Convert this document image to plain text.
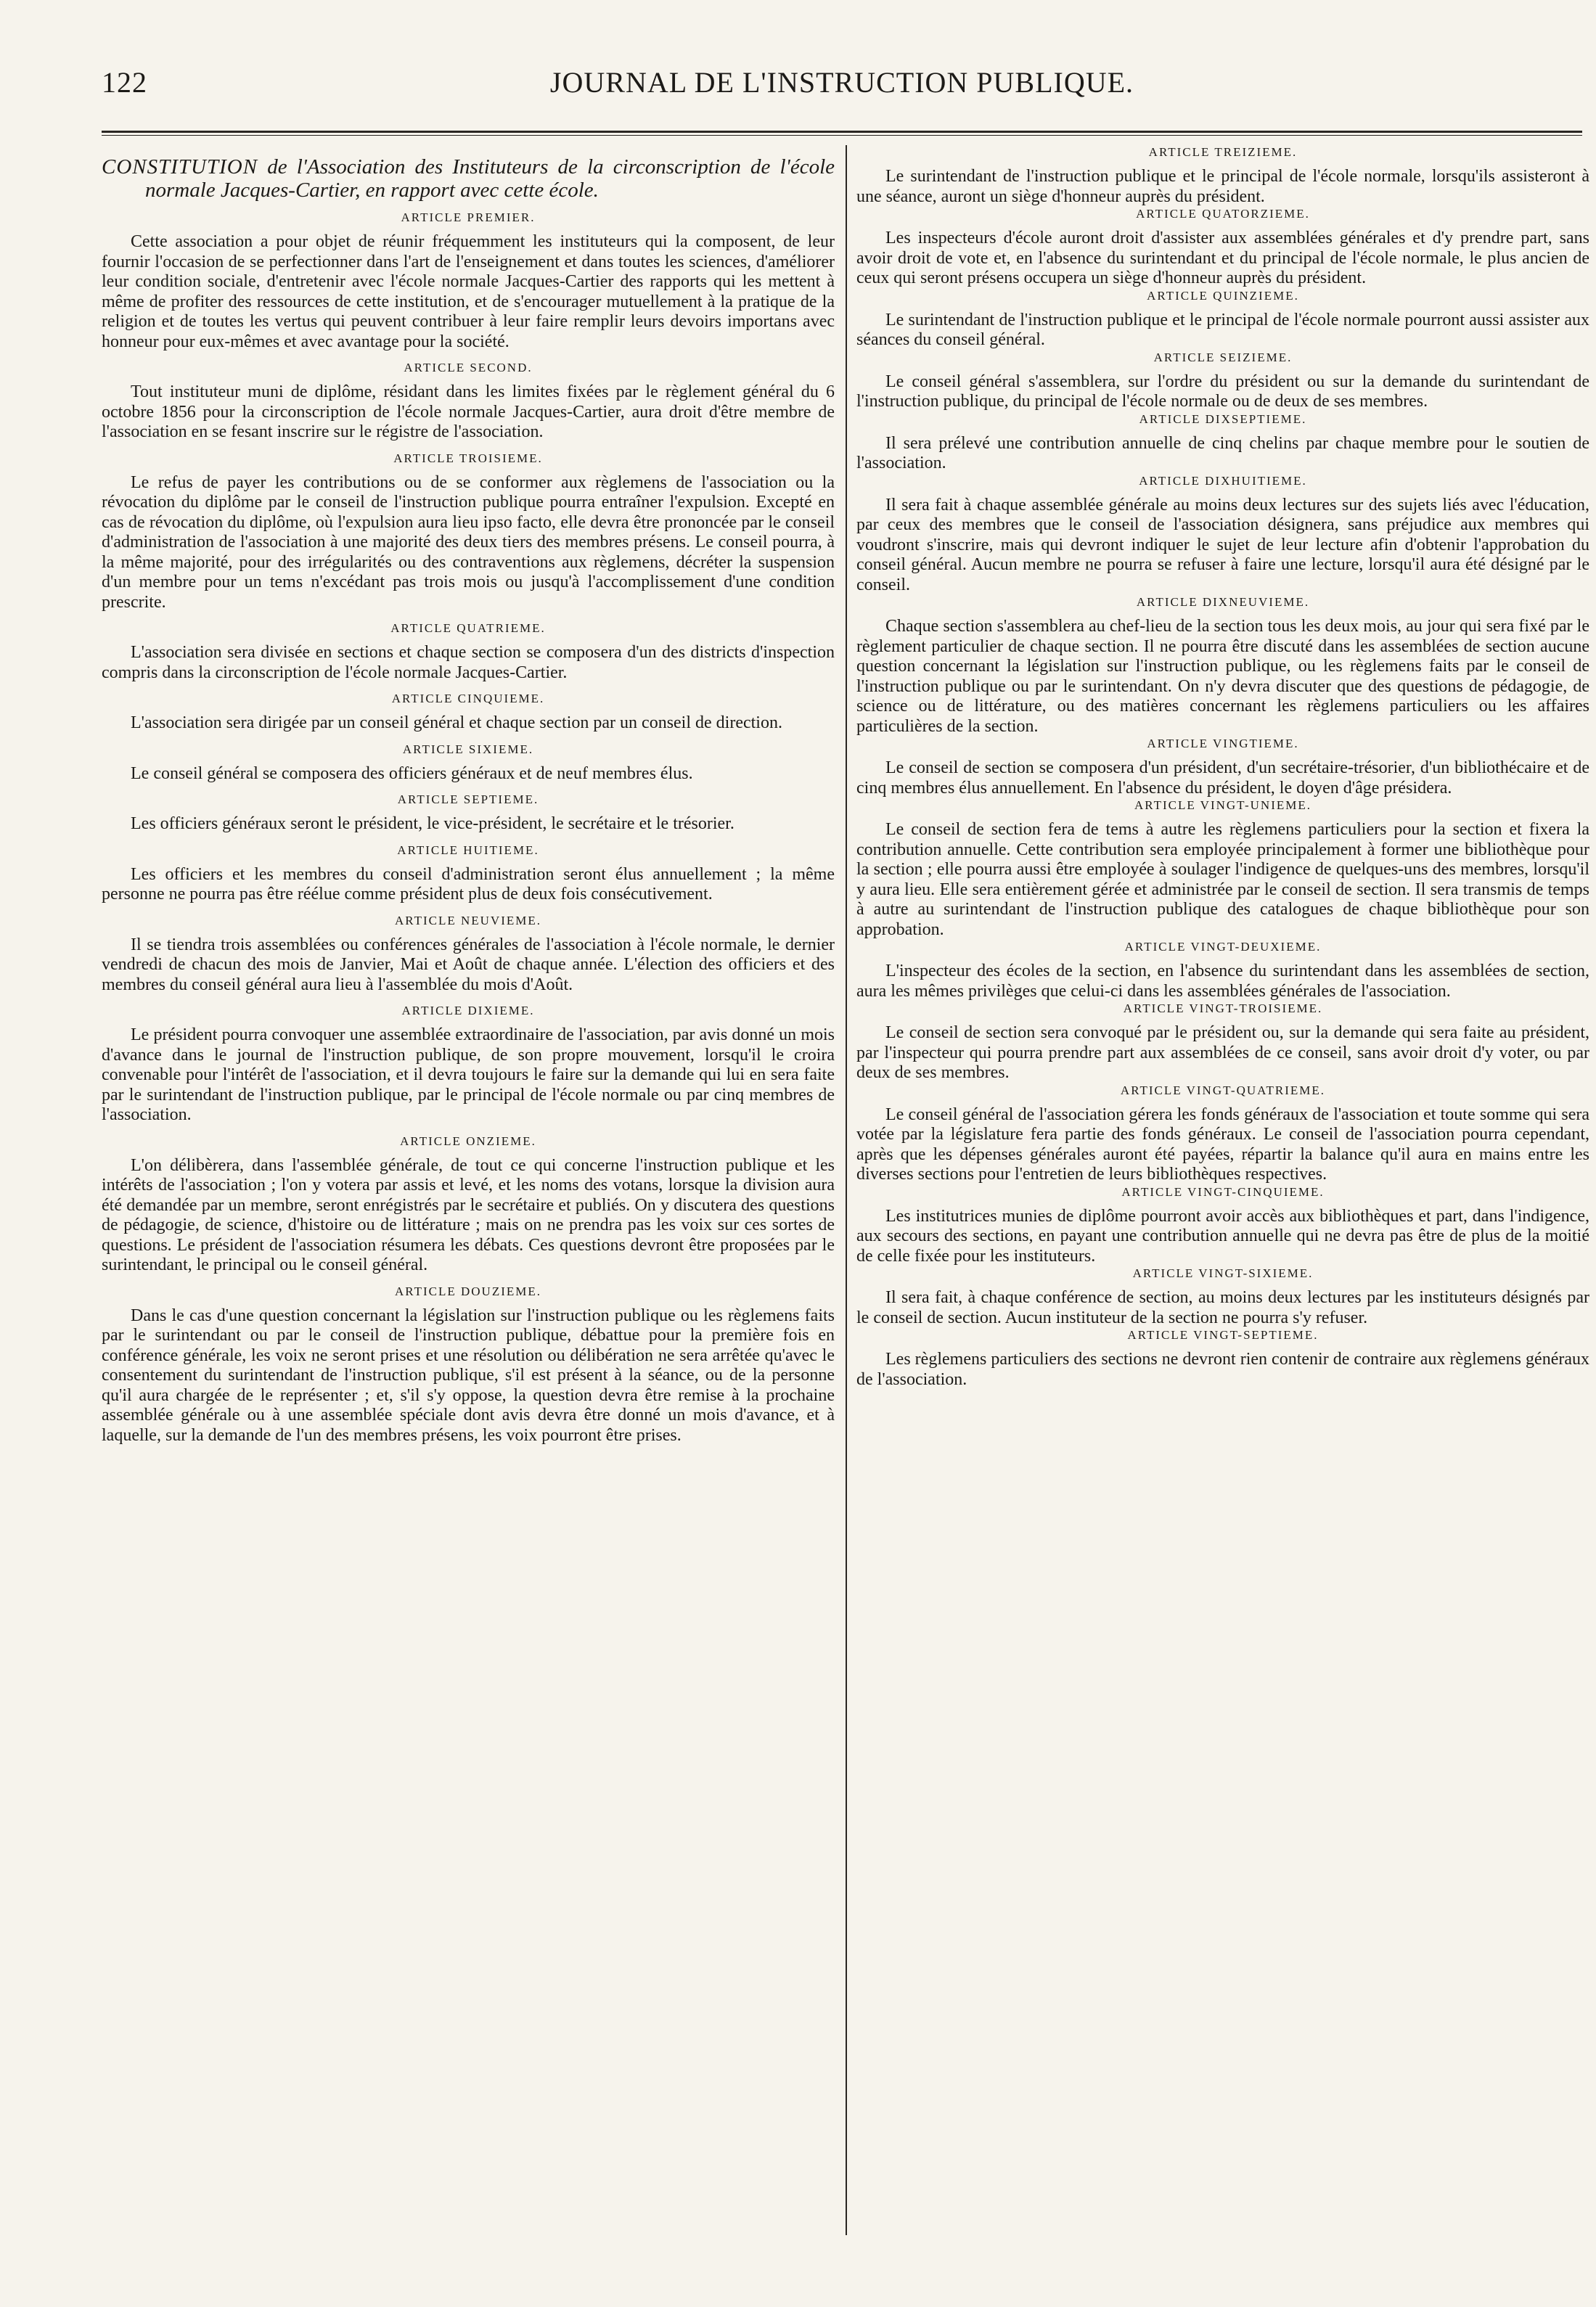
122	JOURNAL DE L'INSTRUCTION PUBLIQUE.
CONSTITUTION de l'Association des Instituteurs de la circonscription de l'école normale Jacques-Cartier, en rapport avec cette école.
ARTICLE PREMIER.

Cette association a pour objet de réunir fréquemment les instituteurs qui la composent, de leur fournir l'occasion de se perfectionner dans l'art de l'enseignement et dans toutes les sciences, d'améliorer leur condition sociale, d'entretenir avec l'école normale Jacques-Cartier des rapports qui les mettent à même de profiter des ressources de cette institution, et de s'encourager mutuellement à la pratique de la religion et de toutes les vertus qui peuvent contribuer à leur faire remplir leurs devoirs importans avec honneur pour eux-mêmes et avec avantage pour la société.

ARTICLE SECOND.

Tout instituteur muni de diplôme, résidant dans les limites fixées par le règlement général du 6 octobre 1856 pour la circonscription de l'école normale Jacques-Cartier, aura droit d'être membre de l'association en se fesant inscrire sur le régistre de l'association.

ARTICLE TROISIEME.

Le refus de payer les contributions ou de se conformer aux règlemens de l'association ou la révocation du diplôme par le conseil de l'instruction publique pourra entraîner l'expulsion. Excepté en cas de révocation du diplôme, où l'expulsion aura lieu ipso facto, elle devra être prononcée par le conseil d'administration de l'association à une majorité des deux tiers des membres présens. Le conseil pourra, à la même majorité, pour des irrégularités ou des contraventions aux règlemens, décréter la suspension d'un membre pour un tems n'excédant pas trois mois ou jusqu'à l'accomplissement d'une condition prescrite.

ARTICLE QUATRIEME.

L'association sera divisée en sections et chaque section se composera d'un des districts d'inspection compris dans la circonscription de l'école normale Jacques-Cartier.

ARTICLE CINQUIEME.

L'association sera dirigée par un conseil général et chaque section par un conseil de direction.

ARTICLE SIXIEME.

Le conseil général se composera des officiers généraux et de neuf membres élus.

ARTICLE SEPTIEME.

Les officiers généraux seront le président, le vice-président, le secrétaire et le trésorier.

ARTICLE HUITIEME.

Les officiers et les membres du conseil d'administration seront élus annuellement ; la même personne ne pourra pas être réélue comme président plus de deux fois consécutivement.

ARTICLE NEUVIEME.

Il se tiendra trois assemblées ou conférences générales de l'association à l'école normale, le dernier vendredi de chacun des mois de Janvier, Mai et Août de chaque année. L'élection des officiers et des membres du conseil général aura lieu à l'assemblée du mois d'Août.

ARTICLE DIXIEME.

Le président pourra convoquer une assemblée extraordinaire de l'association, par avis donné un mois d'avance dans le journal de l'instruction publique, de son propre mouvement, lorsqu'il le croira convenable pour l'intérêt de l'association, et il devra toujours le faire sur la demande qui lui en sera faite par le surintendant de l'instruction publique, par le principal de l'école normale ou par cinq membres de l'association.

ARTICLE ONZIEME.

L'on délibèrera, dans l'assemblée générale, de tout ce qui concerne l'instruction publique et les intérêts de l'association ; l'on y votera par assis et levé, et les noms des votans, lorsque la division aura été demandée par un membre, seront enrégistrés par le secrétaire et publiés. On y discutera des questions de pédagogie, de science, d'histoire ou de littérature ; mais on ne prendra pas les voix sur ces sortes de questions. Le président de l'association résumera les débats. Ces questions devront être proposées par le surintendant, le principal ou le conseil général.

ARTICLE DOUZIEME.

Dans le cas d'une question concernant la législation sur l'instruction publique ou les règlemens faits par le surintendant ou par le conseil de l'instruction publique, débattue pour la première fois en conférence générale, les voix ne seront prises et une résolution ou délibération ne sera arrêtée qu'avec le consentement du surintendant de l'instruction publique, s'il est présent à la séance, ou de la personne qu'il aura chargée de le représenter ; et, s'il s'y oppose, la question devra être remise à la prochaine assemblée générale ou à une assemblée spéciale dont avis devra être donné un mois d'avance, et à laquelle, sur la demande de l'un des membres présens, les voix pourront être prises.

ARTICLE TREIZIEME.

Le surintendant de l'instruction publique et le principal de l'école normale, lorsqu'ils assisteront à une séance, auront un siège d'honneur auprès du président.

ARTICLE QUATORZIEME.

Les inspecteurs d'école auront droit d'assister aux assemblées générales et d'y prendre part, sans avoir droit de vote et, en l'absence du surintendant et du principal de l'école normale, le plus ancien de ceux qui seront présens occupera un siège d'honneur auprès du président.

ARTICLE QUINZIEME.

Le surintendant de l'instruction publique et le principal de l'école normale pourront aussi assister aux séances du conseil général.

ARTICLE SEIZIEME.

Le conseil général s'assemblera, sur l'ordre du président ou sur la demande du surintendant de l'instruction publique, du principal de l'école normale ou de deux de ses membres.

ARTICLE DIXSEPTIEME.

Il sera prélevé une contribution annuelle de cinq chelins par chaque membre pour le soutien de l'association.

ARTICLE DIXHUITIEME.

Il sera fait à chaque assemblée générale au moins deux lectures sur des sujets liés avec l'éducation, par ceux des membres que le conseil de l'association désignera, sans préjudice aux membres qui voudront s'inscrire, mais qui devront indiquer le sujet de leur lecture afin d'obtenir l'approbation du conseil général. Aucun membre ne pourra se refuser à faire une lecture, lorsqu'il aura été désigné par le conseil.

ARTICLE DIXNEUVIEME.

Chaque section s'assemblera au chef-lieu de la section tous les deux mois, au jour qui sera fixé par le règlement particulier de chaque section. Il ne pourra être discuté dans les assemblées de section aucune question concernant la législation sur l'instruction publique, ou les règlemens faits par le conseil de l'instruction publique ou par le surintendant. On n'y devra discuter que des questions de pédagogie, de science ou de littérature, ou des matières concernant les règlemens particuliers ou les affaires particulières de la section.

ARTICLE VINGTIEME.

Le conseil de section se composera d'un président, d'un secrétaire-trésorier, d'un bibliothécaire et de cinq membres élus annuellement. En l'absence du président, le doyen d'âge présidera.

ARTICLE VINGT-UNIEME.

Le conseil de section fera de tems à autre les règlemens particuliers pour la section et fixera la contribution annuelle. Cette contribution sera employée principalement à former une bibliothèque pour la section ; elle pourra aussi être employée à soulager l'indigence de quelques-uns des membres, lorsqu'il y aura lieu. Elle sera entièrement gérée et administrée par le conseil de section. Il sera transmis de temps à autre au surintendant de l'instruction publique des catalogues de chaque bibliothèque pour son approbation.

ARTICLE VINGT-DEUXIEME.

L'inspecteur des écoles de la section, en l'absence du surintendant dans les assemblées de section, aura les mêmes privilèges que celui-ci dans les assemblées générales de l'association.

ARTICLE VINGT-TROISIEME.

Le conseil de section sera convoqué par le président ou, sur la demande qui sera faite au président, par l'inspecteur qui pourra prendre part aux assemblées de ce conseil, sans avoir droit d'y voter, ou par deux de ses membres.

ARTICLE VINGT-QUATRIEME.

Le conseil général de l'association gérera les fonds généraux de l'association et toute somme qui sera votée par la législature fera partie des fonds généraux. Le conseil de l'association pourra cependant, après que les dépenses générales auront été payées, répartir la balance qu'il aura en mains entre les diverses sections pour l'entretien de leurs bibliothèques respectives.

ARTICLE VINGT-CINQUIEME.

Les institutrices munies de diplôme pourront avoir accès aux bibliothèques et part, dans l'indigence, aux secours des sections, en payant une contribution annuelle qui ne devra pas être de plus de la moitié de celle fixée pour les instituteurs.

ARTICLE VINGT-SIXIEME.

Il sera fait, à chaque conférence de section, au moins deux lectures par les instituteurs désignés par le conseil de section. Aucun instituteur de la section ne pourra s'y refuser.

ARTICLE VINGT-SEPTIEME.

Les règlemens particuliers des sections ne devront rien contenir de contraire aux règlemens généraux de l'association.
